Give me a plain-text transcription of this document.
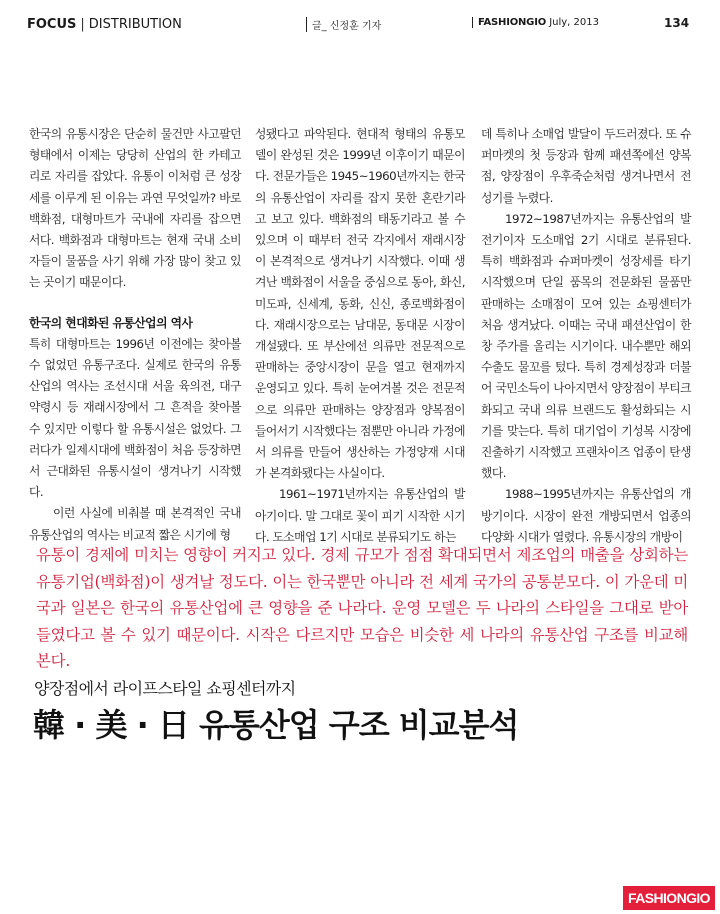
FOCUS | DISTRIBUTION	글_ 신정훈 기자	FASHIONGIO July, 2013	134

한국의 유통시장은 단순히 물건만 사고팔던 형태에서 이제는 당당히 산업의 한 카테고리로 자리를 잡았다. 유통이 이처럼 큰 성장세를 이루게 된 이유는 과연 무엇일까? 바로 백화점, 대형마트가 국내에 자리를 잡으면서다. 백화점과 대형마트는 현재 국내 소비자들이 물품을 사기 위해 가장 많이 찾고 있는 곳이기 때문이다.

한국의 현대화된 유통산업의 역사

특히 대형마트는 1996년 이전에는 찾아볼 수 없었던 유통구조다. 실제로 한국의 유통산업의 역사는 조선시대 서울 육의전, 대구 약령시 등 재래시장에서 그 흔적을 찾아볼 수 있지만 이렇다 할 유통시설은 없었다. 그러다가 일제시대에 백화점이 처음 등장하면서 근대화된 유통시설이 생겨나기 시작했다.

이런 사실에 비춰볼 때 본격적인 국내 유통산업의 역사는 비교적 짧은 시기에 형

성됐다고 파악된다. 현대적 형태의 유통모델이 완성된 것은 1999년 이후이기 때문이다. 전문가들은 1945~1960년까지는 한국의 유통산업이 자리를 잡지 못한 혼란기라고 보고 있다. 백화점의 태동기라고 볼 수 있으며 이 때부터 전국 각지에서 재래시장이 본격적으로 생겨나기 시작했다. 이때 생겨난 백화점이 서울을 중심으로 동아, 화신, 미도파, 신세계, 동화, 신신, 종로백화점이다. 재래시장으로는 남대문, 동대문 시장이 개설됐다. 또 부산에선 의류만 전문적으로 판매하는 중앙시장이 문을 열고 현재까지 운영되고 있다. 특히 눈여겨볼 것은 전문적으로 의류만 판매하는 양장점과 양복점이 들어서기 시작했다는 점뿐만 아니라 가정에서 의류를 만들어 생산하는 가정양재 시대가 본격화됐다는 사실이다.

1961~1971년까지는 유통산업의 발아기이다. 말 그대로 꽃이 피기 시작한 시기다. 도소매업 1기 시대로 분류되기도 하는

데 특히나 소매업 발달이 두드러졌다. 또 슈퍼마켓의 첫 등장과 함께 패션쪽에선 양복점, 양장점이 우후죽순처럼 생겨나면서 전성기를 누렸다.

1972~1987년까지는 유통산업의 발전기이자 도소매업 2기 시대로 분류된다. 특히 백화점과 슈퍼마켓이 성장세를 타기 시작했으며 단일 품목의 전문화된 물품만 판매하는 소매점이 모여 있는 쇼핑센터가 처음 생겨났다. 이때는 국내 패션산업이 한창 주가를 올리는 시기이다. 내수뿐만 해외수출도 물꼬를 텄다. 특히 경제성장과 더불어 국민소득이 나아지면서 양장점이 부티크화되고 국내 의류 브랜드도 활성화되는 시기를 맞는다. 특히 대기업이 기성복 시장에 진출하기 시작했고 프랜차이즈 업종이 탄생했다.

1988~1995년까지는 유통산업의 개방기이다. 시장이 완전 개방되면서 업종의 다양화 시대가 열렸다. 유통시장의 개방이

유통이 경제에 미치는 영향이 커지고 있다. 경제 규모가 점점 확대되면서 제조업의 매출을 상회하는 유통기업(백화점)이 생겨날 정도다. 이는 한국뿐만 아니라 전 세계 국가의 공통분모다. 이 가운데 미국과 일본은 한국의 유통산업에 큰 영향을 준 나라다. 운영 모델은 두 나라의 스타일을 그대로 받아들였다고 볼 수 있기 때문이다. 시작은 다르지만 모습은 비슷한 세 나라의 유통산업 구조를 비교해 본다.

양장점에서 라이프스타일 쇼핑센터까지
韓 · 美 · 日 유통산업 구조 비교분석
FASHIONGIO
